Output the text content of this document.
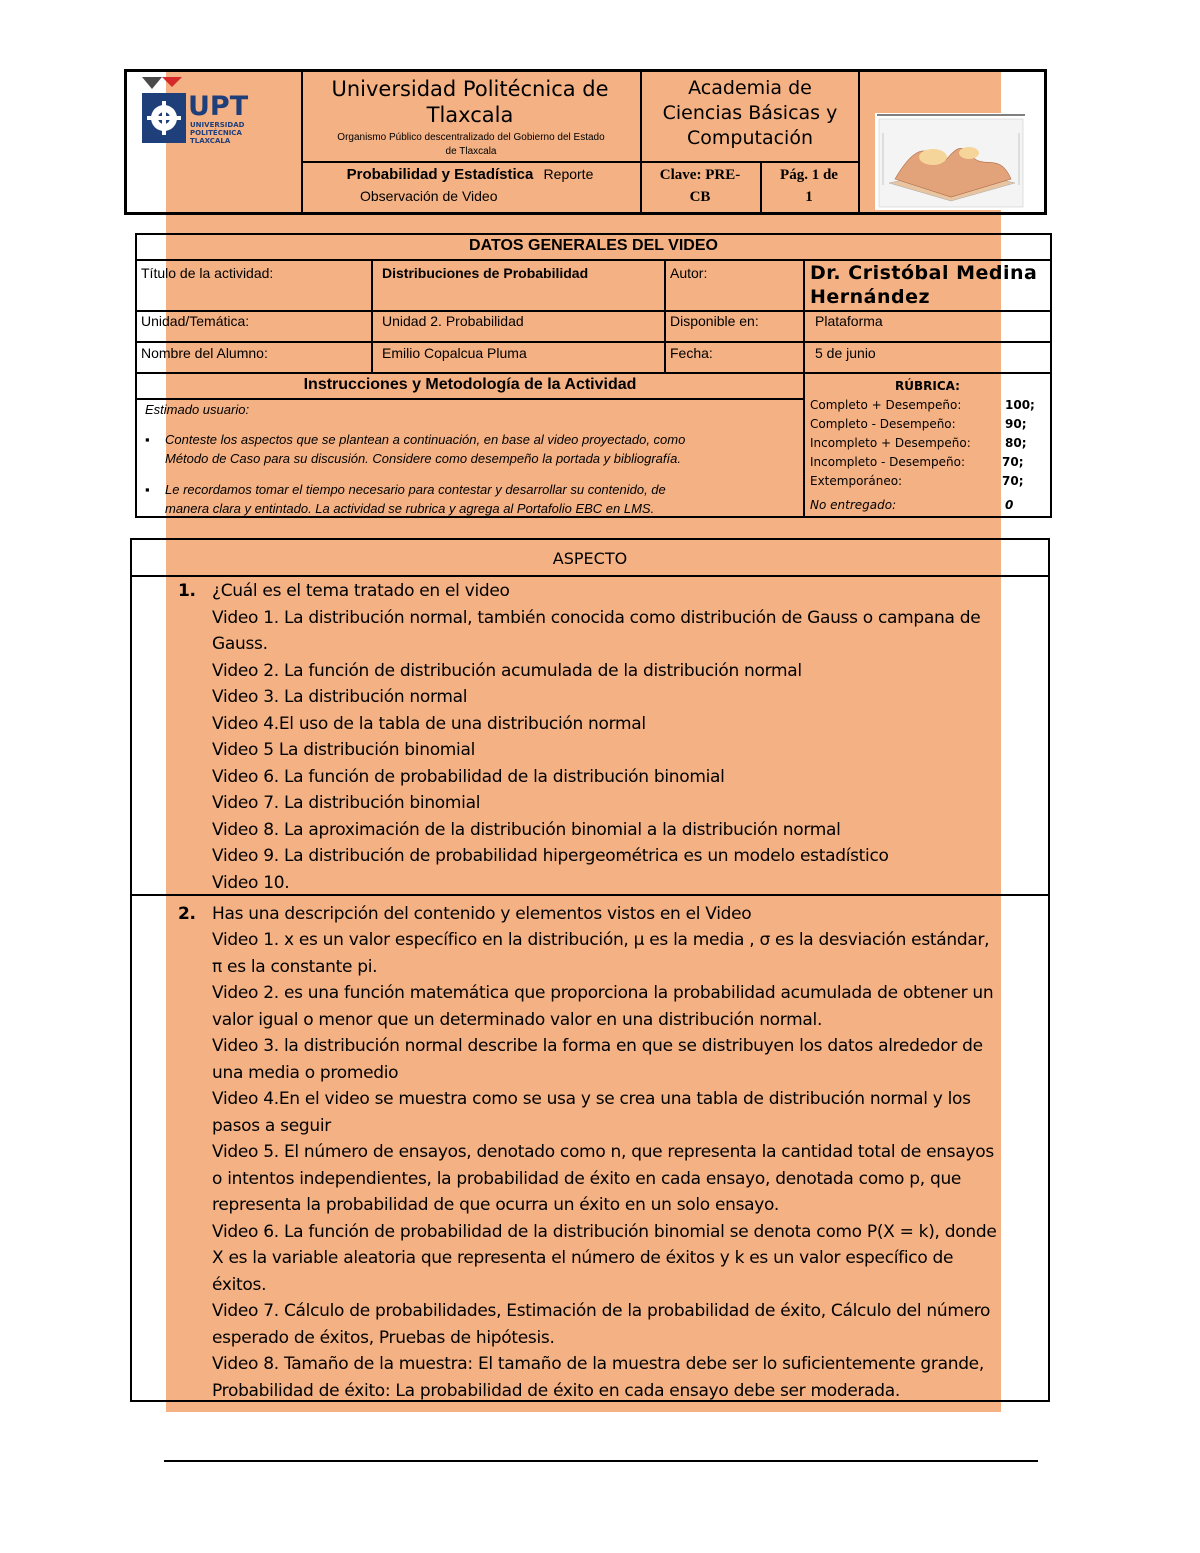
UPT
UNIVERSIDAD
POLITÉCNICA
TLAXCALA
Universidad Politécnica de
Tlaxcala
Organismo Público descentralizado del Gobierno del Estado
de Tlaxcala
Academia de
Ciencias Básicas y
Computación
Probabilidad y Estadística Reporte
Observación de Video
Clave: PRE-
CB
Pág. 1 de
1
DATOS GENERALES DEL VIDEO
Título de la actividad:	Distribuciones de Probabilidad	Autor:	Dr. Cristóbal Medina
Hernández
Unidad/Temática:	Unidad 2. Probabilidad	Disponible en:	Plataforma
Nombre del Alumno:	Emilio Copalcua Pluma	Fecha:	5 de junio
Instrucciones y Metodología de la Actividad
Estimado usuario:
▪ Conteste los aspectos que se plantean a continuación, en base al video proyectado, como
Método de Caso para su discusión. Considere como desempeño la portada y bibliografía.
▪ Le recordamos tomar el tiempo necesario para contestar y desarrollar su contenido, de
manera clara y entintado. La actividad se rubrica y agrega al Portafolio EBC en LMS.
RÚBRICA:
Completo + Desempeño:	100;
Completo - Desempeño:	90;
Incompleto + Desempeño:	80;
Incompleto - Desempeño:	70;
Extemporáneo:	70;
No entregado:	0
ASPECTO
1. ¿Cuál es el tema tratado en el video
Video 1. La distribución normal, también conocida como distribución de Gauss o campana de
Gauss.
Video 2. La función de distribución acumulada de la distribución normal
Video 3. La distribución normal
Video 4.El uso de la tabla de una distribución normal
Video 5 La distribución binomial
Video 6. La función de probabilidad de la distribución binomial
Video 7. La distribución binomial
Video 8. La aproximación de la distribución binomial a la distribución normal
Video 9. La distribución de probabilidad hipergeométrica es un modelo estadístico
Video 10.
2. Has una descripción del contenido y elementos vistos en el Video
Video 1. x es un valor específico en la distribución, μ es la media , σ es la desviación estándar,
π es la constante pi.
Video 2. es una función matemática que proporciona la probabilidad acumulada de obtener un
valor igual o menor que un determinado valor en una distribución normal.
Video 3. la distribución normal describe la forma en que se distribuyen los datos alrededor de
una media o promedio
Video 4.En el video se muestra como se usa y se crea una tabla de distribución normal y los
pasos a seguir
Video 5. El número de ensayos, denotado como n, que representa la cantidad total de ensayos
o intentos independientes, la probabilidad de éxito en cada ensayo, denotada como p, que
representa la probabilidad de que ocurra un éxito en un solo ensayo.
Video 6. La función de probabilidad de la distribución binomial se denota como P(X = k), donde
X es la variable aleatoria que representa el número de éxitos y k es un valor específico de
éxitos.
Video 7. Cálculo de probabilidades, Estimación de la probabilidad de éxito, Cálculo del número
esperado de éxitos, Pruebas de hipótesis.
Video 8. Tamaño de la muestra: El tamaño de la muestra debe ser lo suficientemente grande,
Probabilidad de éxito: La probabilidad de éxito en cada ensayo debe ser moderada.
